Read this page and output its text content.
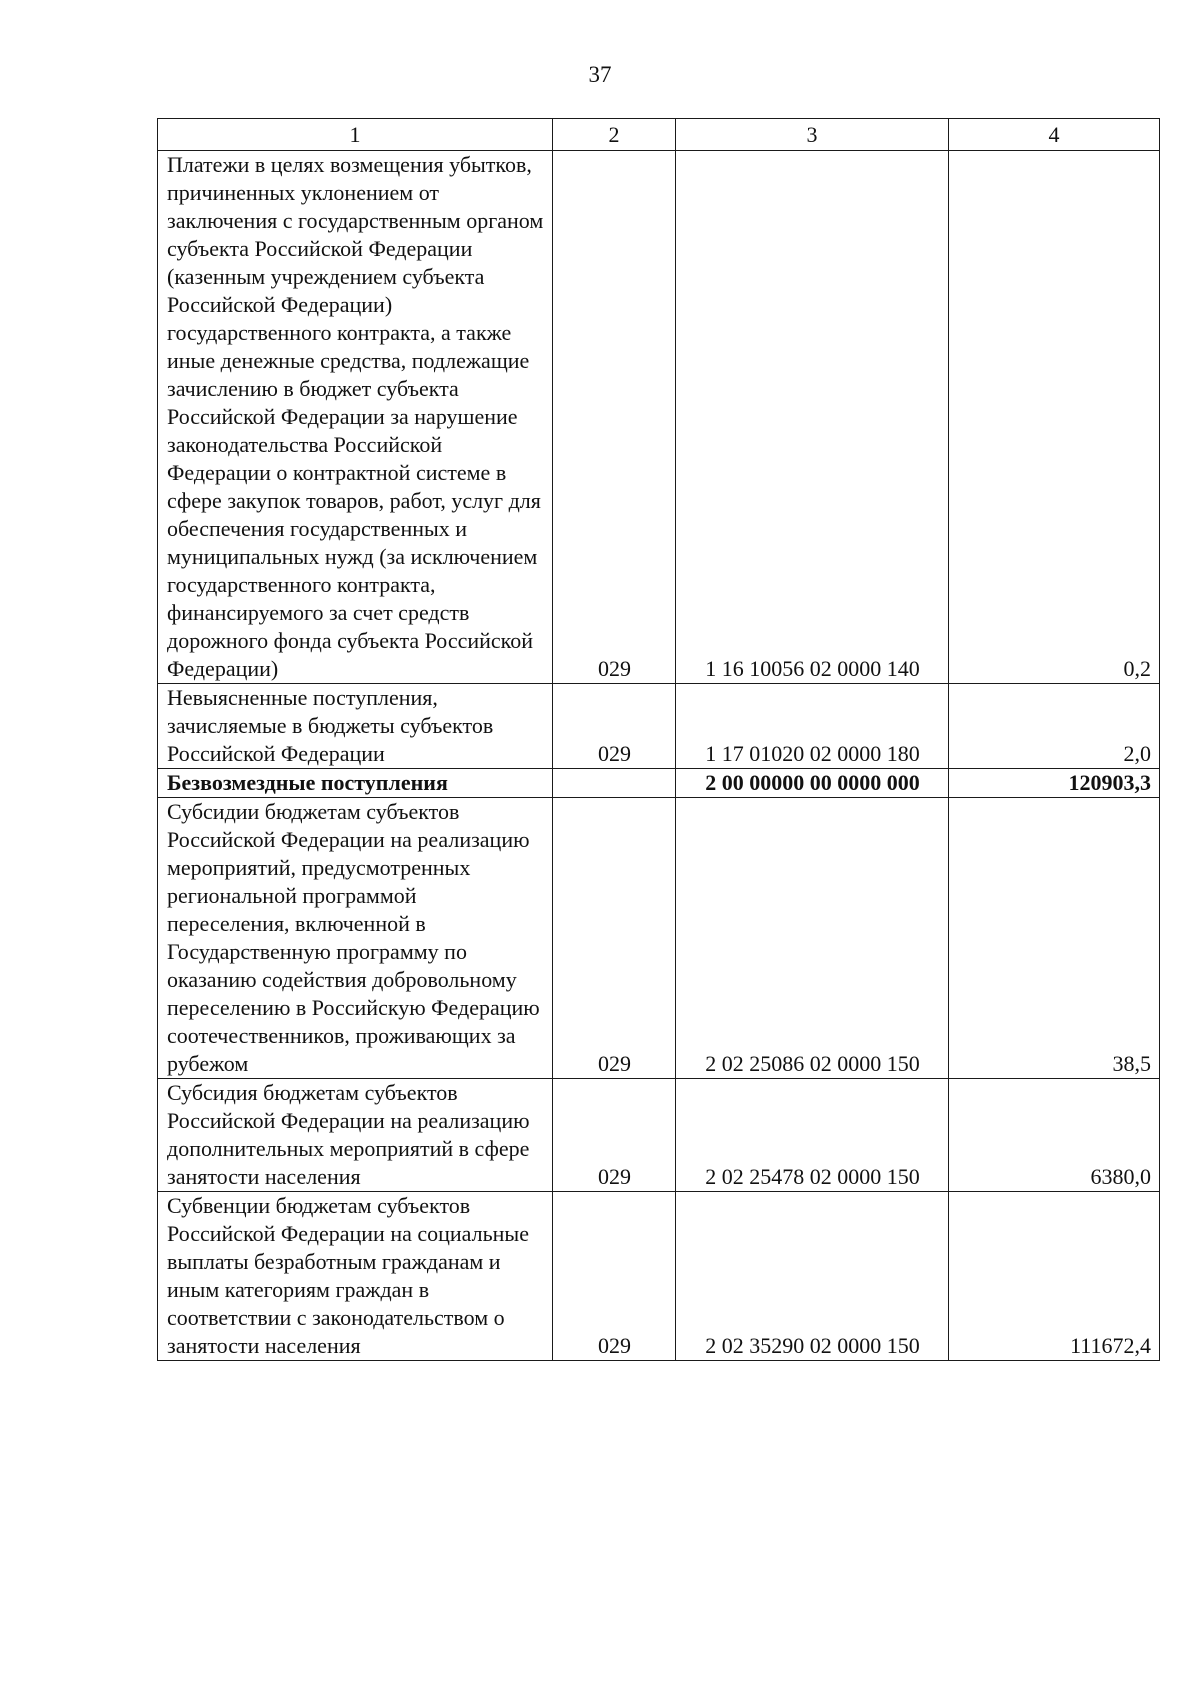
37
1	2	3	4
Платежи в целях возмещения убытков, причиненных уклонением от заключения с государственным органом субъекта Российской Федерации (казенным учреждением субъекта Российской Федерации) государственного контракта, а также иные денежные средства, подлежащие зачислению в бюджет субъекта Российской Федерации за нарушение законодательства Российской Федерации о контрактной системе в сфере закупок товаров, работ, услуг для обеспечения государственных и муниципальных нужд (за исключением государственного контракта, финансируемого за счет средств дорожного фонда субъекта Российской Федерации)	029	1 16 10056 02 0000 140	0,2
Невыясненные поступления, зачисляемые в бюджеты субъектов Российской Федерации	029	1 17 01020 02 0000 180	2,0
Безвозмездные поступления		2 00 00000 00 0000 000	120903,3
Субсидии бюджетам субъектов Российской Федерации на реализацию мероприятий, предусмотренных региональной программой переселения, включенной в Государственную программу по оказанию содействия добровольному переселению в Российскую Федерацию соотечественников, проживающих за рубежом	029	2 02 25086 02 0000 150	38,5
Субсидия бюджетам субъектов Российской Федерации на реализацию дополнительных мероприятий в сфере занятости населения	029	2 02 25478 02 0000 150	6380,0
Субвенции бюджетам субъектов Российской Федерации на социальные выплаты безработным гражданам и иным категориям граждан в соответствии с законодательством о занятости населения	029	2 02 35290 02 0000 150	111672,4
